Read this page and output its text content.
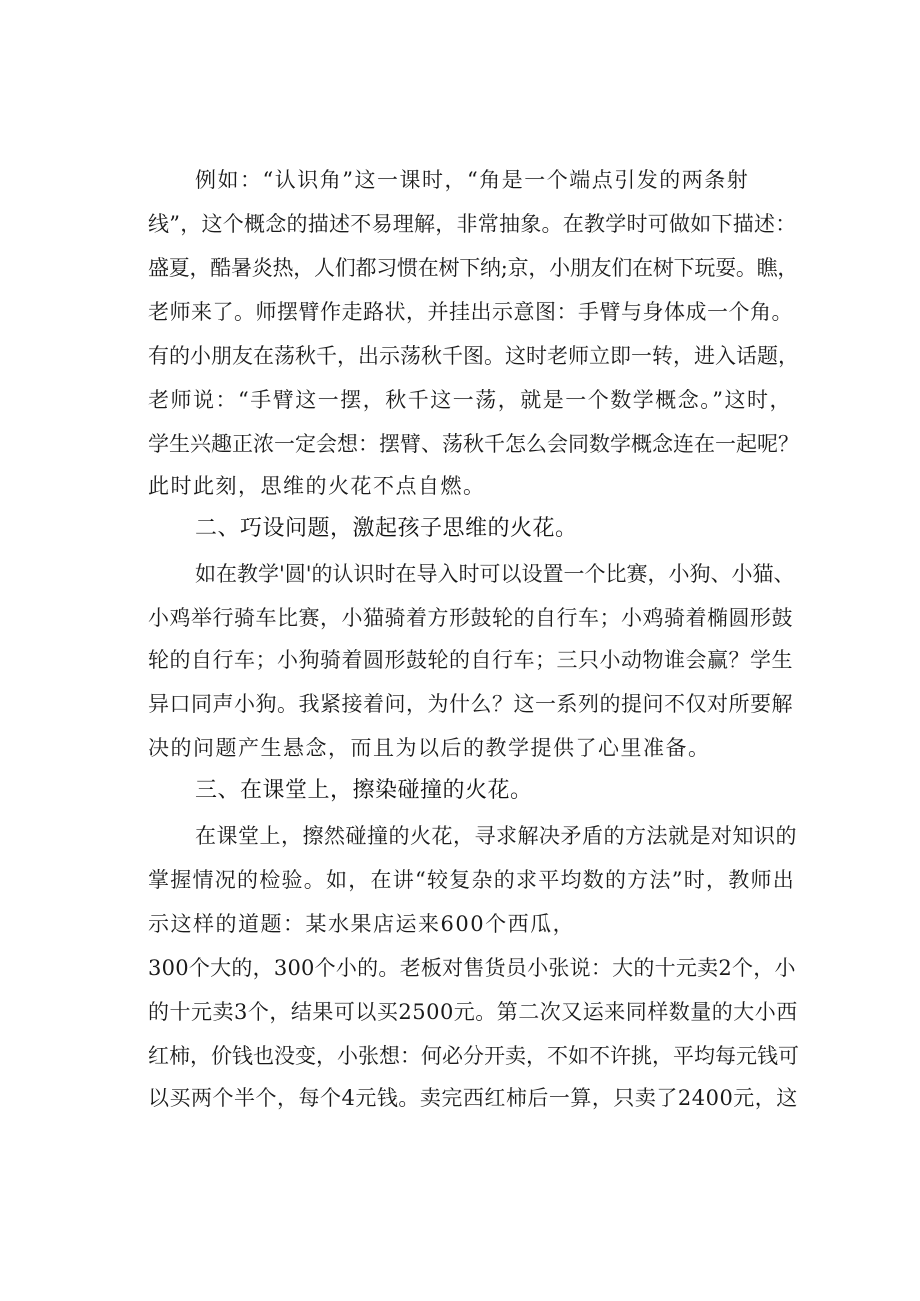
例如：“认识角”这一课时，“角是一个端点引发的两条射
线”，这个概念的描述不易理解，非常抽象。在教学时可做如下描述：
盛夏，酷暑炎热，人们都习惯在树下纳;京，小朋友们在树下玩耍。瞧，
老师来了。师摆臂作走路状，并挂出示意图：手臂与身体成一个角。
有的小朋友在荡秋千，出示荡秋千图。这时老师立即一转，进入话题，
老师说：“手臂这一摆，秋千这一荡，就是一个数学概念。”这时，
学生兴趣正浓一定会想：摆臂、荡秋千怎么会同数学概念连在一起呢？
此时此刻，思维的火花不点自燃。
二、巧设问题，激起孩子思维的火花。
如在教学'圆'的认识时在导入时可以设置一个比赛，小狗、小猫、
小鸡举行骑车比赛，小猫骑着方形鼓轮的自行车；小鸡骑着椭圆形鼓
轮的自行车；小狗骑着圆形鼓轮的自行车；三只小动物谁会赢？学生
异口同声小狗。我紧接着问，为什么？这一系列的提问不仅对所要解
决的问题产生悬念，而且为以后的教学提供了心里准备。
三、在课堂上，擦染碰撞的火花。
在课堂上，擦然碰撞的火花，寻求解决矛盾的方法就是对知识的
掌握情况的检验。如，在讲“较复杂的求平均数的方法”时，教师出
示这样的道题：某水果店运来600个西瓜，
300个大的，300个小的。老板对售货员小张说：大的十元卖2个，小
的十元卖3个，结果可以买2500元。第二次又运来同样数量的大小西
红柿，价钱也没变，小张想：何必分开卖，不如不许挑，平均每元钱可
以买两个半个，每个4元钱。卖完西红柿后一算，只卖了2400元，这
